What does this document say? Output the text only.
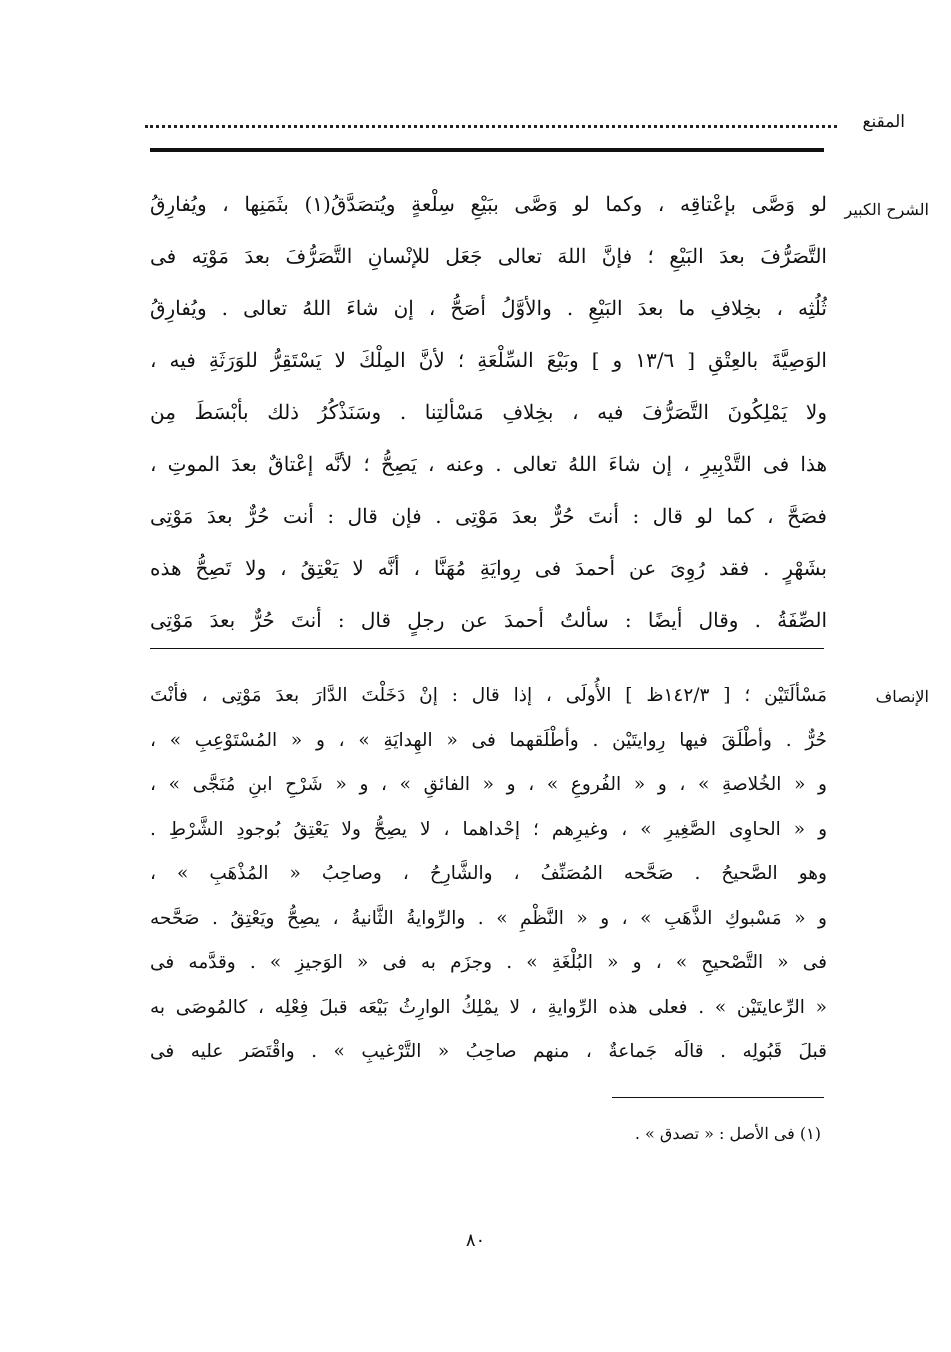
المقنع
الشرح الكبير
لو وَصَّى بإعْتاقِه ، وكما لو وَصَّى ببَيْعِ سِلْعةٍ ويُتصَدَّقُ(١) بثَمَنِها ، ويُفارِقُ
التَّصَرُّفَ بعدَ البَيْعِ ؛ فإنَّ اللهَ تعالى جَعَل للإنْسانِ التَّصَرُّفَ بعدَ مَوْتِه فى
ثُلُثِه ، بخِلافِ ما بعدَ البَيْعِ . والأوَّلُ أصَحُّ ، إن شاءَ اللهُ تعالى . ويُفارِقُ
الوَصِيَّةَ بالعِتْقِ [ ١٣/٦ و ] وبَيْعَ السِّلْعَةِ ؛ لأنَّ المِلْكَ لا يَسْتَقِرُّ للوَرَثَةِ فيه ،
ولا يَمْلِكُونَ التَّصَرُّفَ فيه ، بخِلافِ مَسْألتِنا . وسَنَذْكُرُ ذلك بأبْسَطَ مِن
هذا فى التَّدْبِيرِ ، إن شاءَ اللهُ تعالى . وعنه ، يَصِحُّ ؛ لأنَّه إعْتاقٌ بعدَ الموتِ ،
فصَحَّ ، كما لو قال : أنتَ حُرٌّ بعدَ مَوْتِى . فإن قال : أنت حُرٌّ بعدَ مَوْتِى
بشَهْرٍ . فقد رُوِىَ عن أحمدَ فى رِوايَةِ مُهَنَّا ، أنَّه لا يَعْتِقُ ، ولا تَصِحُّ هذه
الصِّفَةُ . وقال أيضًا : سألتُ أحمدَ عن رجلٍ قال : أنتَ حُرٌّ بعدَ مَوْتِى
الإنصاف
مَسْألَتَيْن ؛ [ ١٤٢/٣ظ ] الأُولَى ، إذا قال : إنْ دَخَلْتَ الدَّارَ بعدَ مَوْتِى ، فأنْتَ
حُرٌّ . وأطْلَقَ فيها رِوايتَيْن . وأطْلَقهما فى « الهِدايَةِ » ، و « المُسْتَوْعِبِ » ،
و « الخُلاصةِ » ، و « الفُروعِ » ، و « الفائقِ » ، و « شَرْحِ ابنِ مُنَجَّى » ،
و « الحاوِى الصَّغِيرِ » ، وغيرِهم ؛ إحْداهما ، لا يصِحُّ ولا يَعْتِقُ بُوجودِ الشَّرْطِ .
وهو الصَّحيحُ . صَحَّحه المُصَنِّفُ ، والشَّارِحُ ، وصاحِبُ « المُذْهَبِ » ،
و « مَسْبوكِ الذَّهَبِ » ، و « النَّظْمِ » . والرِّوايةُ الثَّانيةُ ، يصِحُّ ويَعْتِقُ . صَحَّحه
فى « التَّصْحيحِ » ، و « البُلْغَةِ » . وجزَم به فى « الوَجيزِ » . وقدَّمه فى
« الرِّعايتَيْن » . فعلى هذه الرِّوايةِ ، لا يمْلِكُ الوارِثُ بَيْعَه قبلَ فِعْلِه ، كالمُوصَى به
قبلَ قَبُولِه . قالَه جَماعةٌ ، منهم صاحِبُ « التَّرْغيبِ » . واقْتَصَر عليه فى
(١) فى الأصل : « تصدق » .
٨٠
